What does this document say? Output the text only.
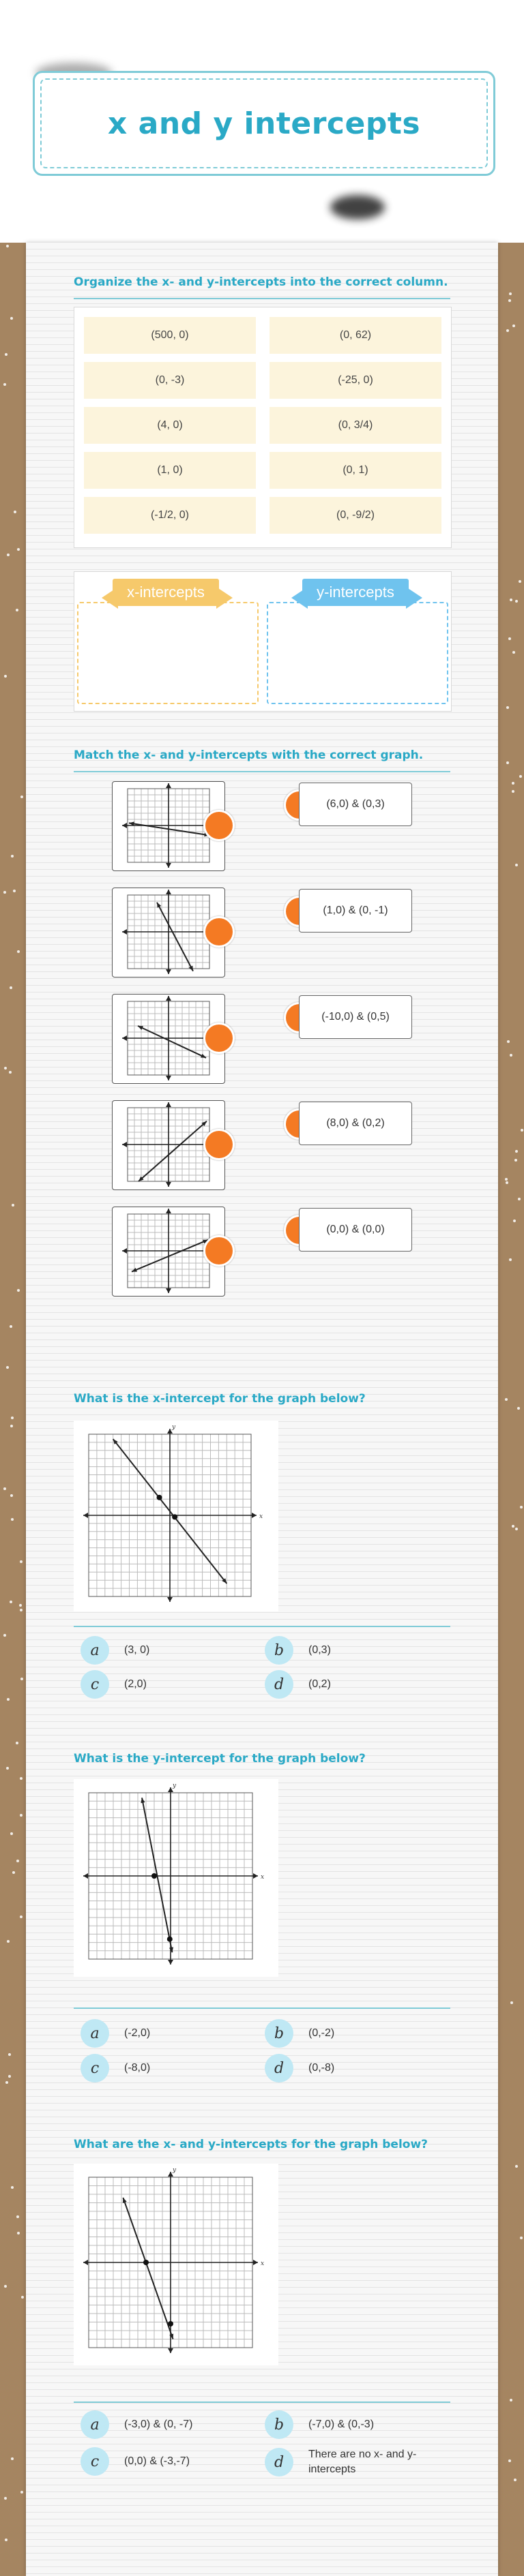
x and y intercepts
Organize the x- and y-intercepts into the correct column.
(500, 0)	(0, 62)
(0, -3)	(-25, 0)
(4, 0)	(0, 3/4)
(1, 0)	(0, 1)
(-1/2, 0)	(0, -9/2)
x-intercepts	y-intercepts
Match the x- and y-intercepts with the correct graph.
(6,0) & (0,3)
(1,0) & (0, -1)
(-10,0) & (0,5)
(8,0) & (0,2)
(0,0) & (0,0)
What is the x-intercept for the graph below?
x
y
a	(3, 0)	b	(0,3)
c	(2,0)	d	(0,2)
What is the y-intercept for the graph below?
x
y
a	(-2,0)	b	(0,-2)
c	(-8,0)	d	(0,-8)
What are the x- and y-intercepts for the graph below?
x
y
a	(-3,0) & (0, -7)	b	(-7,0) & (0,-3)
c	(0,0) & (-3,-7)	d	There are no x- and y-intercepts
